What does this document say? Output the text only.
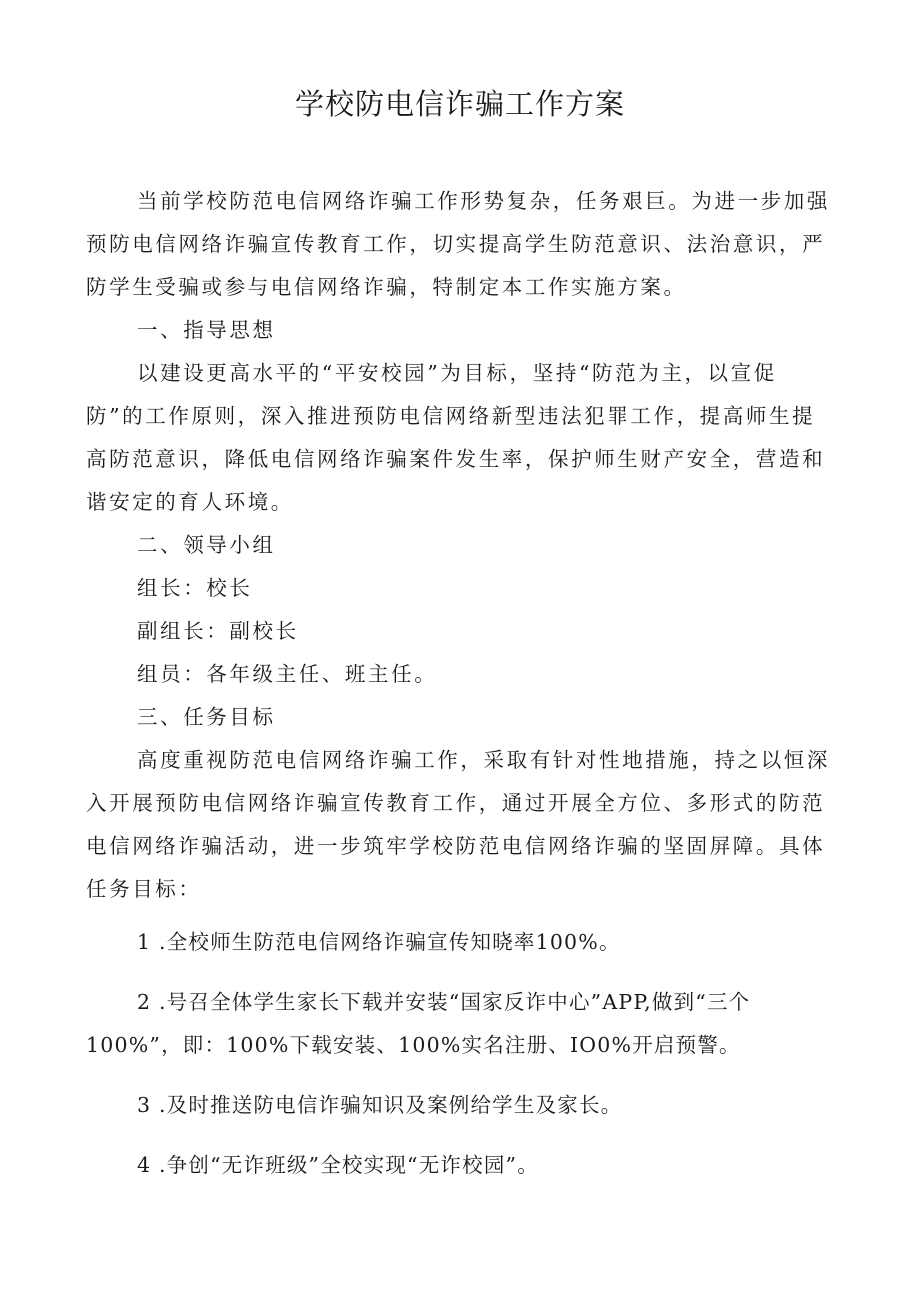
学校防电信诈骗工作方案

当前学校防范电信网络诈骗工作形势复杂，任务艰巨。为进一步加强预防电信网络诈骗宣传教育工作，切实提高学生防范意识、法治意识，严防学生受骗或参与电信网络诈骗，特制定本工作实施方案。

一、指导思想

以建设更高水平的“平安校园”为目标，坚持“防范为主，以宣促防”的工作原则，深入推进预防电信网络新型违法犯罪工作，提高师生提高防范意识，降低电信网络诈骗案件发生率，保护师生财产安全，营造和谐安定的育人环境。

二、领导小组

组长：校长

副组长：副校长

组员：各年级主任、班主任。

三、任务目标

高度重视防范电信网络诈骗工作，采取有针对性地措施，持之以恒深入开展预防电信网络诈骗宣传教育工作，通过开展全方位、多形式的防范电信网络诈骗活动，进一步筑牢学校防范电信网络诈骗的坚固屏障。具体任务目标：

1 .全校师生防范电信网络诈骗宣传知晓率100%。

2 .号召全体学生家长下载并安装“国家反诈中心”APP,做到“三个100%”，即：100%下载安装、100%实名注册、IO0%开启预警。

3 .及时推送防电信诈骗知识及案例给学生及家长。

4 .争创“无诈班级”全校实现“无诈校园”。
